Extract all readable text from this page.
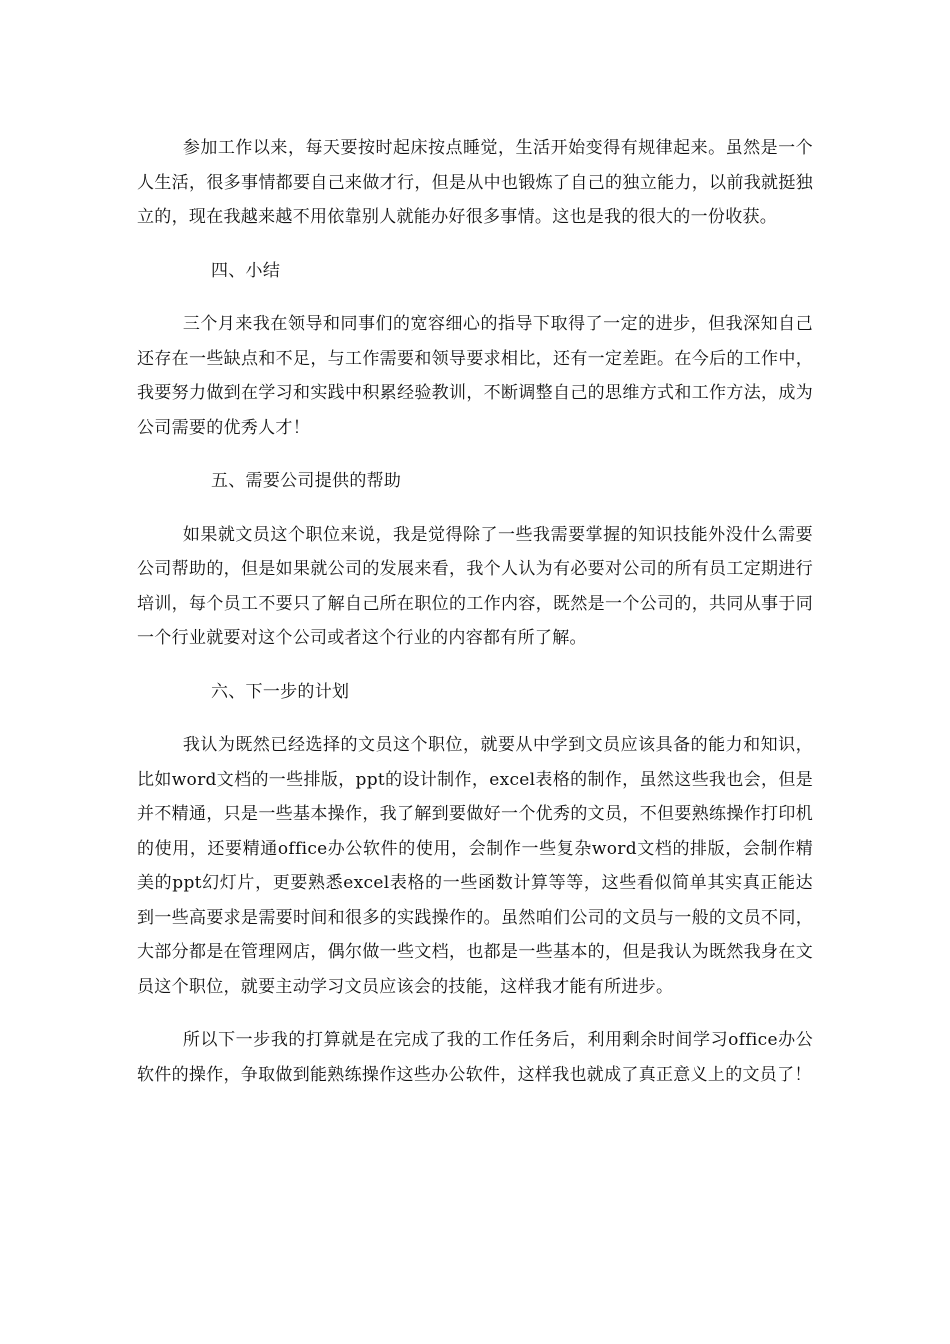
参加工作以来，每天要按时起床按点睡觉，生活开始变得有规律起来。虽然是一个人生活，很多事情都要自己来做才行，但是从中也锻炼了自己的独立能力，以前我就挺独立的，现在我越来越不用依靠别人就能办好很多事情。这也是我的很大的一份收获。

四、小结

三个月来我在领导和同事们的宽容细心的指导下取得了一定的进步，但我深知自己还存在一些缺点和不足，与工作需要和领导要求相比，还有一定差距。在今后的工作中，我要努力做到在学习和实践中积累经验教训，不断调整自己的思维方式和工作方法，成为公司需要的优秀人才！

五、需要公司提供的帮助

如果就文员这个职位来说，我是觉得除了一些我需要掌握的知识技能外没什么需要公司帮助的，但是如果就公司的发展来看，我个人认为有必要对公司的所有员工定期进行培训，每个员工不要只了解自己所在职位的工作内容，既然是一个公司的，共同从事于同一个行业就要对这个公司或者这个行业的内容都有所了解。

六、下一步的计划

我认为既然已经选择的文员这个职位，就要从中学到文员应该具备的能力和知识，比如word文档的一些排版，ppt的设计制作，excel表格的制作，虽然这些我也会，但是并不精通，只是一些基本操作，我了解到要做好一个优秀的文员，不但要熟练操作打印机的使用，还要精通office办公软件的使用，会制作一些复杂word文档的排版，会制作精美的ppt幻灯片，更要熟悉excel表格的一些函数计算等等，这些看似简单其实真正能达到一些高要求是需要时间和很多的实践操作的。虽然咱们公司的文员与一般的文员不同，大部分都是在管理网店，偶尔做一些文档，也都是一些基本的，但是我认为既然我身在文员这个职位，就要主动学习文员应该会的技能，这样我才能有所进步。

所以下一步我的打算就是在完成了我的工作任务后，利用剩余时间学习office办公软件的操作，争取做到能熟练操作这些办公软件，这样我也就成了真正意义上的文员了！
